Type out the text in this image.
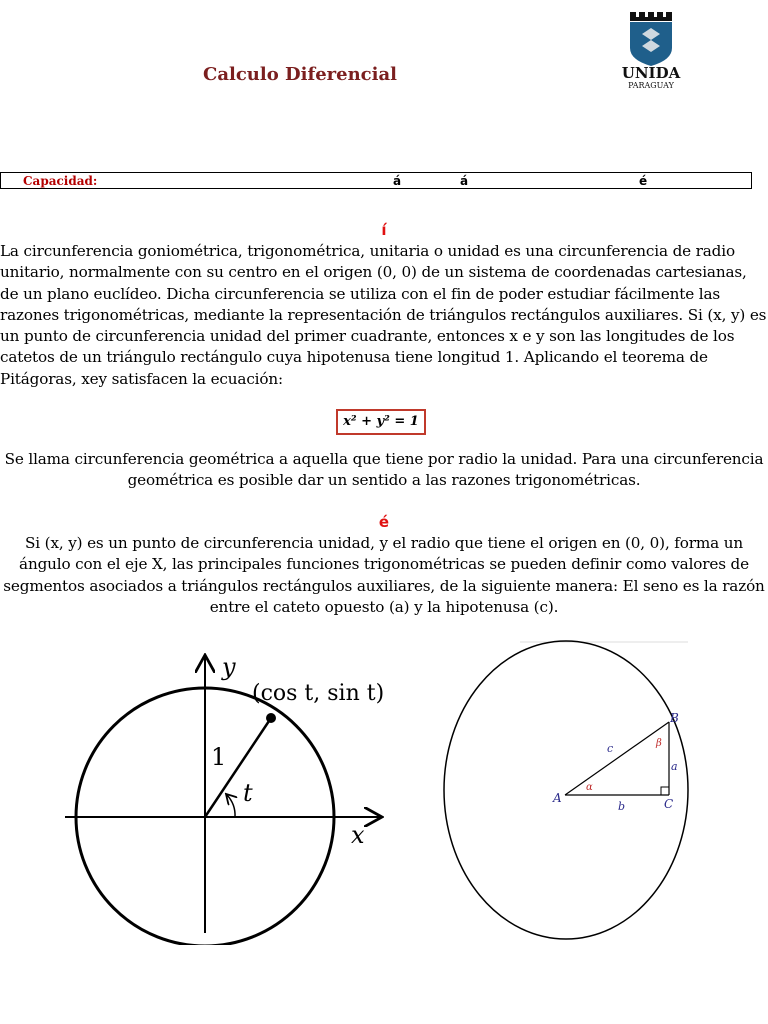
Calculo Diferencial	UNIDA
PARAGUAY
Capacidad:	á	á	é
í
La circunferencia goniométrica, trigonométrica, unitaria o unidad es una circunferencia de radio unitario, normalmente con su centro en el origen (0, 0) de un sistema de coordenadas cartesianas, de un plano euclídeo. Dicha circunferencia se utiliza con el fin de poder estudiar fácilmente las razones trigonométricas, mediante la representación de triángulos rectángulos auxiliares. Si (x, y) es un punto de circunferencia unidad del primer cuadrante, entonces x e y son las longitudes de los catetos de un triángulo rectángulo cuya hipotenusa tiene longitud 1. Aplicando el teorema de Pitágoras, xey satisfacen la ecuación:
x² + y² = 1
Se llama circunferencia geométrica a aquella que tiene por radio la unidad. Para una circunferencia geométrica es posible dar un sentido a las razones trigonométricas.
é
Si (x, y) es un punto de circunferencia unidad, y el radio que tiene el origen en (0, 0), forma un ángulo con el eje X, las principales funciones trigonométricas se pueden definir como valores de segmentos asociados a triángulos rectángulos auxiliares, de la siguiente manera: El seno es la razón entre el cateto opuesto (a) y la hipotenusa (c).
y
x
(cos t, sin t)
1
t	A
B
C
a
b
c
α
β
